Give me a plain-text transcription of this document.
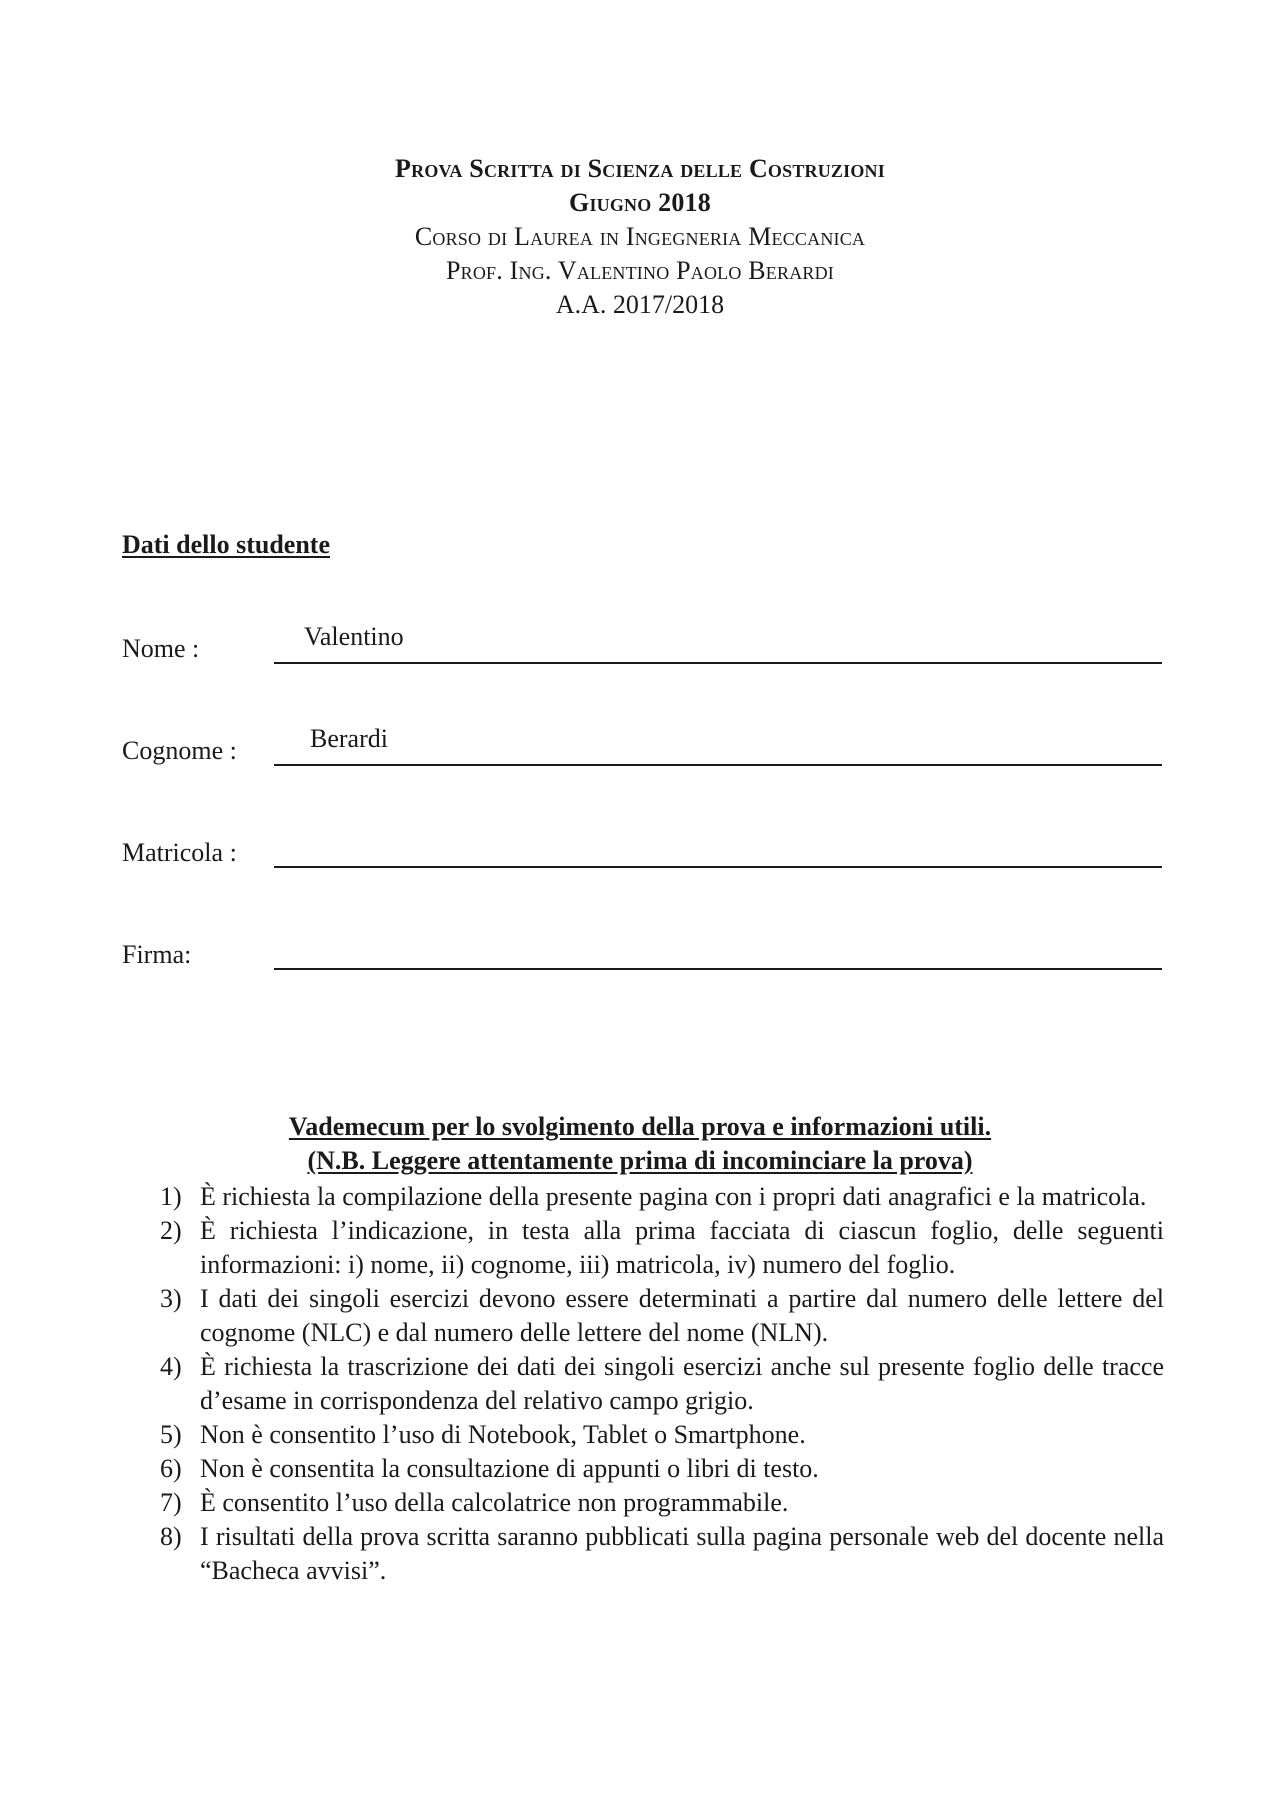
Prova Scritta di Scienza delle Costruzioni
Giugno 2018
Corso di Laurea in Ingegneria Meccanica
Prof. Ing. Valentino Paolo Berardi
A.A. 2017/2018
Dati dello studente
Nome :	Valentino
Cognome :	Berardi
Matricola :
Firma:
Vademecum per lo svolgimento della prova e informazioni utili.
(N.B. Leggere attentamente prima di incominciare la prova)
1) È richiesta la compilazione della presente pagina con i propri dati anagrafici e la matricola.
2) È richiesta l’indicazione, in testa alla prima facciata di ciascun foglio, delle seguenti informazioni: i) nome, ii) cognome, iii) matricola, iv) numero del foglio.
3) I dati dei singoli esercizi devono essere determinati a partire dal numero delle lettere del cognome (NLC) e dal numero delle lettere del nome (NLN).
4) È richiesta la trascrizione dei dati dei singoli esercizi anche sul presente foglio delle tracce d’esame in corrispondenza del relativo campo grigio.
5) Non è consentito l’uso di Notebook, Tablet o Smartphone.
6) Non è consentita la consultazione di appunti o libri di testo.
7) È consentito l’uso della calcolatrice non programmabile.
8) I risultati della prova scritta saranno pubblicati sulla pagina personale web del docente nella “Bacheca avvisi”.
